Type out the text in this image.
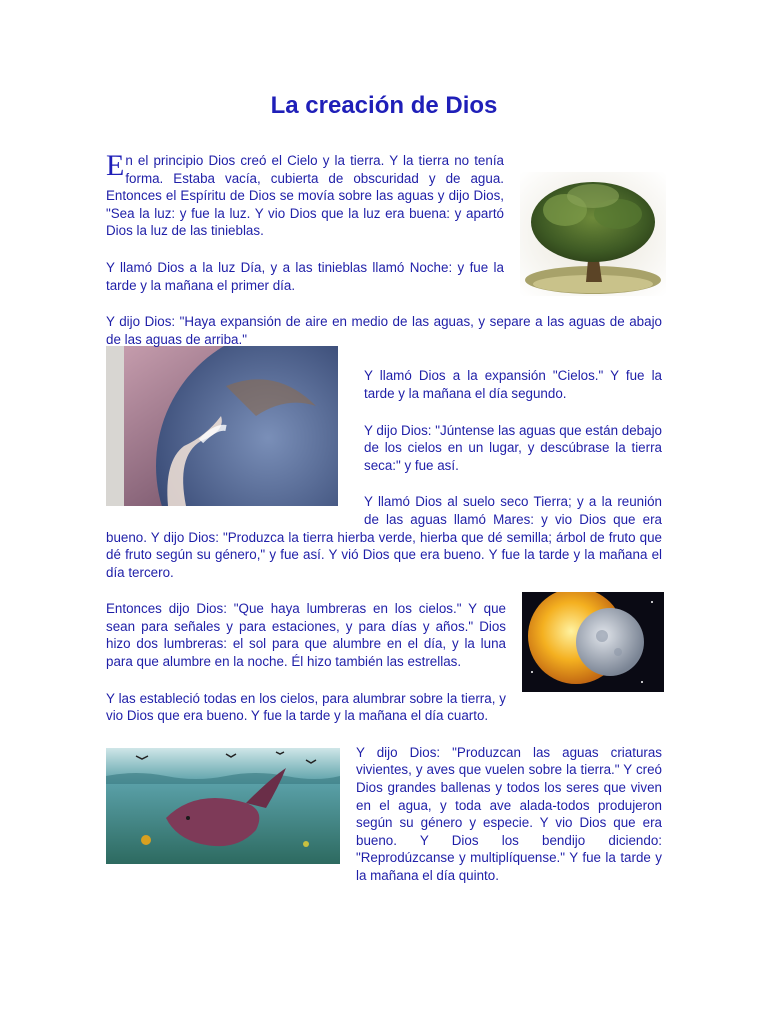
La creación de Dios

En el principio Dios creó el Cielo y la tierra. Y la tierra no tenía forma. Estaba vacía, cubierta de obscuridad y de agua. Entonces el Espíritu de Dios se movía sobre las aguas y dijo Dios, "Sea la luz: y fue la luz. Y vio Dios que la luz era buena: y apartó Dios la luz de las tinieblas.

Y llamó Dios a la luz Día, y a las tinieblas llamó Noche: y fue la tarde y la mañana el primer día.

Y dijo Dios: "Haya expansión de aire en medio de las aguas, y separe a las aguas de abajo de las aguas de arriba."

Y llamó Dios a la expansión "Cielos." Y fue la tarde y la mañana el día segundo.

Y dijo Dios: "Júntense las aguas que están debajo de los cielos en un lugar, y descúbrase la tierra seca:" y fue así.

Y llamó Dios al suelo seco Tierra; y a la reunión de las aguas llamó Mares: y vio Dios que era bueno. Y dijo Dios: "Produzca la tierra hierba verde, hierba que dé semilla; árbol de fruto que dé fruto según su género," y fue así. Y vió Dios que era bueno. Y fue la tarde y la mañana el día tercero.

Entonces dijo Dios: "Que haya lumbreras en los cielos." Y que sean para señales y para estaciones, y para días y años." Dios hizo dos lumbreras: el sol para que alumbre en el día, y la luna para que alumbre en la noche. Él hizo también las estrellas.

Y las estableció todas en los cielos, para alumbrar sobre la tierra, y vio Dios que era bueno. Y fue la tarde y la mañana el día cuarto.

Y dijo Dios: "Produzcan las aguas criaturas vivientes, y aves que vuelen sobre la tierra." Y creó Dios grandes ballenas y todos los seres que viven en el agua, y toda ave alada-todos produjeron según su género y especie. Y vio Dios que era bueno. Y Dios los bendijo diciendo: "Reprodúzcanse y multiplíquense." Y fue la tarde y la mañana el día quinto.
